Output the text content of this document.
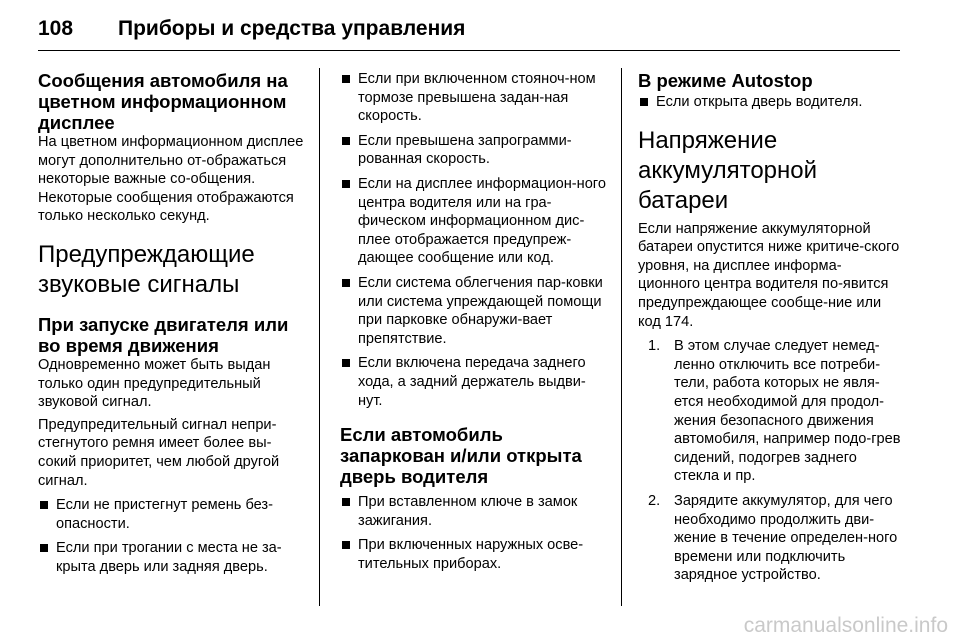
108 Приборы и средства управления
Сообщения автомобиля на цветном информационном дисплее
На цветном информационном дисплее могут дополнительно от-ображаться некоторые важные со-общения. Некоторые сообщения отображаются только несколько секунд.
Предупреждающие звуковые сигналы
При запуске двигателя или во время движения
Одновременно может быть выдан только один предупредительный звуковой сигнал.
Предупредительный сигнал непри-стегнутого ремня имеет более вы-сокий приоритет, чем любой другой сигнал.
Если не пристегнут ремень без-опасности.
Если при трогании с места не за-крыта дверь или задняя дверь.
Если при включенном стояноч-ном тормозе превышена задан-ная скорость.
Если превышена запрограмми-рованная скорость.
Если на дисплее информацион-ного центра водителя или на гра-фическом информационном дис-плее отображается предупреж-дающее сообщение или код.
Если система облегчения пар-ковки или система упреждающей помощи при парковке обнаружи-вает препятствие.
Если включена передача заднего хода, а задний держатель выдви-нут.
Если автомобиль запаркован и/или открыта дверь водителя
При вставленном ключе в замок зажигания.
При включенных наружных осве-тительных приборах.
В режиме Autostop
Если открыта дверь водителя.
Напряжение аккумуляторной батареи
Если напряжение аккумуляторной батареи опустится ниже критиче-ского уровня, на дисплее информа-ционного центра водителя по-явится предупреждающее сообще-ние или код 174.
1. В этом случае следует немед-ленно отключить все потреби-тели, работа которых не явля-ется необходимой для продол-жения безопасного движения автомобиля, например подо-грев сидений, подогрев заднего стекла и пр.
2. Зарядите аккумулятор, для чего необходимо продолжить дви-жение в течение определен-ного времени или подключить зарядное устройство.
carmanualsonline.info
